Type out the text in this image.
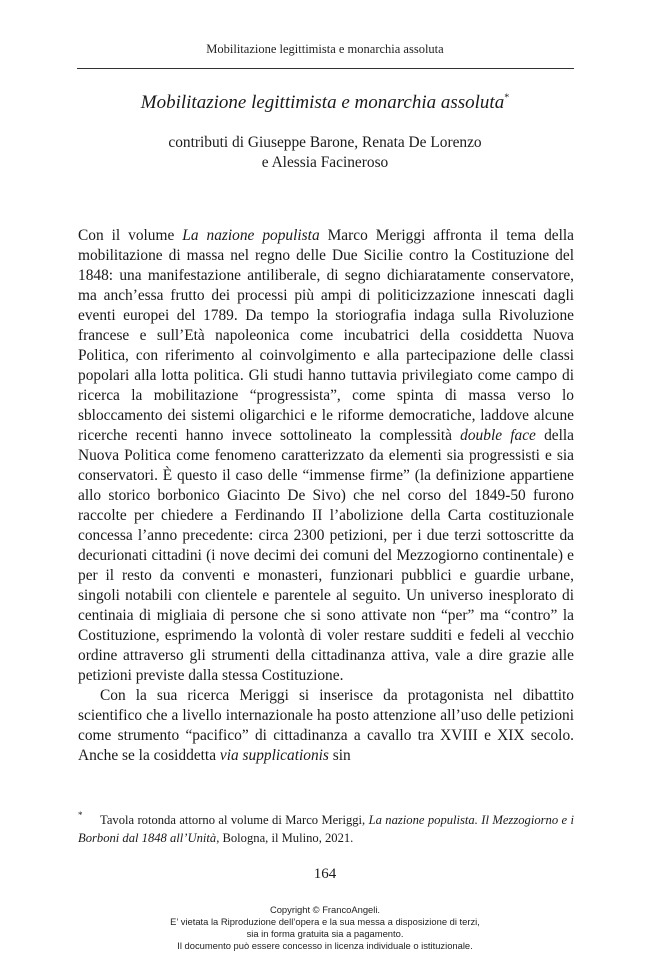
Mobilitazione legittimista e monarchia assoluta
Mobilitazione legittimista e monarchia assoluta*
contributi di Giuseppe Barone, Renata De Lorenzo
e Alessia Facineroso

Con il volume La nazione populista Marco Meriggi affronta il tema della mobilitazione di massa nel regno delle Due Sicilie contro la Costituzione del 1848: una manifestazione antiliberale, di segno dichiaratamente conservatore, ma anch’essa frutto dei processi più ampi di politicizzazione innescati dagli eventi europei del 1789. Da tempo la storiografia indaga sulla Rivoluzione francese e sull’Età napoleonica come incubatrici della cosiddetta Nuova Politica, con riferimento al coinvolgimento e alla partecipazione delle classi popolari alla lotta politica. Gli studi hanno tuttavia privilegiato come campo di ricerca la mobilitazione “progressista”, come spinta di massa verso lo sbloccamento dei sistemi oligarchici e le riforme democratiche, laddove alcune ricerche recenti hanno invece sottolineato la complessità double face della Nuova Politica come fenomeno caratterizzato da elementi sia progressisti e sia conservatori. È questo il caso delle “immense firme” (la definizione appartiene allo storico borbonico Giacinto De Sivo) che nel corso del 1849-50 furono raccolte per chiedere a Ferdinando II l’abolizione della Carta costituzionale concessa l’anno precedente: circa 2300 petizioni, per i due terzi sottoscritte da decurionati cittadini (i nove decimi dei comuni del Mezzogiorno continentale) e per il resto da conventi e monasteri, funzionari pubblici e guardie urbane, singoli notabili con clientele e parentele al seguito. Un universo inesplorato di centinaia di migliaia di persone che si sono attivate non “per” ma “contro” la Costituzione, esprimendo la volontà di voler restare sudditi e fedeli al vecchio ordine attraverso gli strumenti della cittadinanza attiva, vale a dire grazie alle petizioni previste dalla stessa Costituzione.

Con la sua ricerca Meriggi si inserisce da protagonista nel dibattito scientifico che a livello internazionale ha posto attenzione all’uso delle petizioni come strumento “pacifico” di cittadinanza a cavallo tra XVIII e XIX secolo. Anche se la cosiddetta via supplicationis sin

*	Tavola rotonda attorno al volume di Marco Meriggi, La nazione populista. Il Mezzogiorno e i Borboni dal 1848 all’Unità, Bologna, il Mulino, 2021.
164
Copyright © FrancoAngeli.
E’ vietata la Riproduzione dell’opera e la sua messa a disposizione di terzi,
sia in forma gratuita sia a pagamento.
Il documento può essere concesso in licenza individuale o istituzionale.
